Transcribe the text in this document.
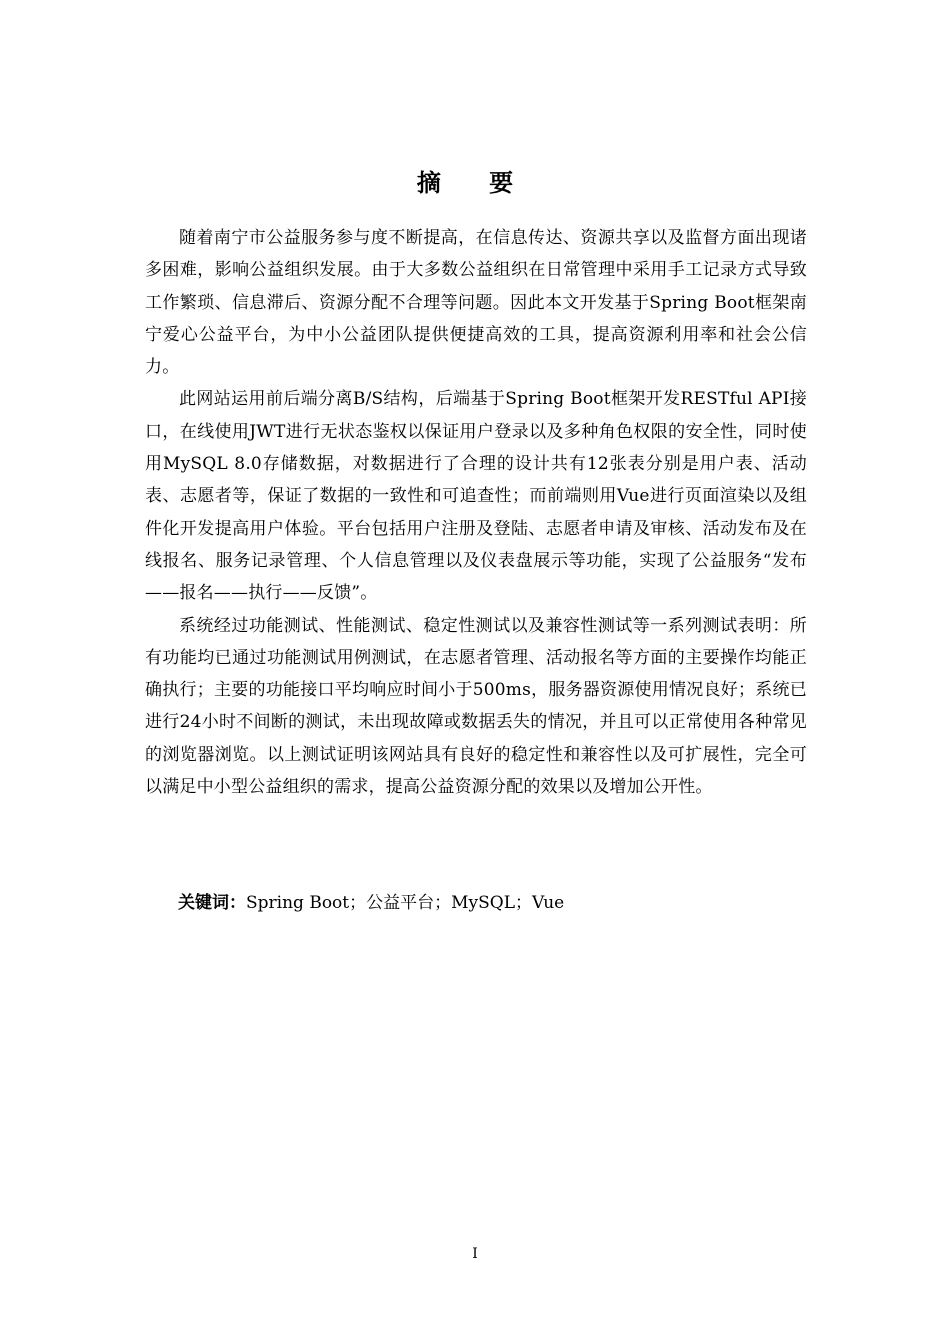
摘 要

随着南宁市公益服务参与度不断提高，在信息传达、资源共享以及监督方面出现诸多困难，影响公益组织发展。由于大多数公益组织在日常管理中采用手工记录方式导致工作繁琐、信息滞后、资源分配不合理等问题。因此本文开发基于Spring Boot框架南宁爱心公益平台，为中小公益团队提供便捷高效的工具，提高资源利用率和社会公信力。

此网站运用前后端分离B/S结构，后端基于Spring Boot框架开发RESTful API接口，在线使用JWT进行无状态鉴权以保证用户登录以及多种角色权限的安全性，同时使用MySQL 8.0存储数据，对数据进行了合理的设计共有12张表分别是用户表、活动表、志愿者等，保证了数据的一致性和可追查性；而前端则用Vue进行页面渲染以及组件化开发提高用户体验。平台包括用户注册及登陆、志愿者申请及审核、活动发布及在线报名、服务记录管理、个人信息管理以及仪表盘展示等功能，实现了公益服务“发布——报名——执行——反馈”。

系统经过功能测试、性能测试、稳定性测试以及兼容性测试等一系列测试表明：所有功能均已通过功能测试用例测试，在志愿者管理、活动报名等方面的主要操作均能正确执行；主要的功能接口平均响应时间小于500ms，服务器资源使用情况良好；系统已进行24小时不间断的测试，未出现故障或数据丢失的情况，并且可以正常使用各种常见的浏览器浏览。以上测试证明该网站具有良好的稳定性和兼容性以及可扩展性，完全可以满足中小型公益组织的需求，提高公益资源分配的效果以及增加公开性。

关键词：Spring Boot；公益平台；MySQL；Vue
I
